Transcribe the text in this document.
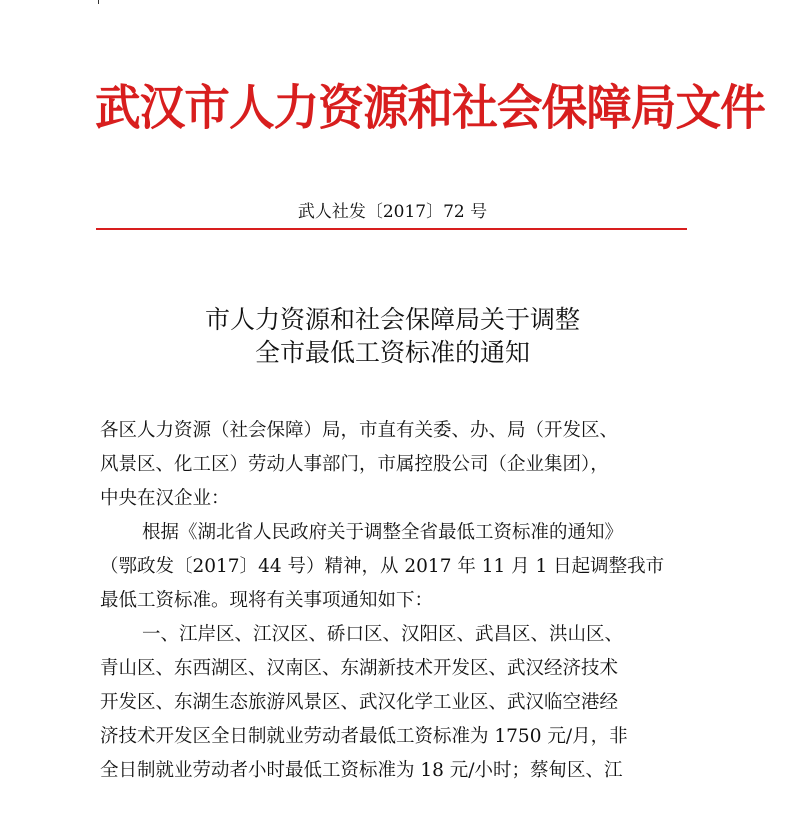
武汉市人力资源和社会保障局文件
武人社发〔2017〕72 号
市人力资源和社会保障局关于调整
全市最低工资标准的通知
各区人力资源（社会保障）局，市直有关委、办、局（开发区、
风景区、化工区）劳动人事部门，市属控股公司（企业集团），
中央在汉企业：
根据《湖北省人民政府关于调整全省最低工资标准的通知》
（鄂政发〔2017〕44 号）精神，从 2017 年 11 月 1 日起调整我市
最低工资标准。现将有关事项通知如下：
一、江岸区、江汉区、硚口区、汉阳区、武昌区、洪山区、
青山区、东西湖区、汉南区、东湖新技术开发区、武汉经济技术
开发区、东湖生态旅游风景区、武汉化学工业区、武汉临空港经
济技术开发区全日制就业劳动者最低工资标准为 1750 元/月，非
全日制就业劳动者小时最低工资标准为 18 元/小时；蔡甸区、江
